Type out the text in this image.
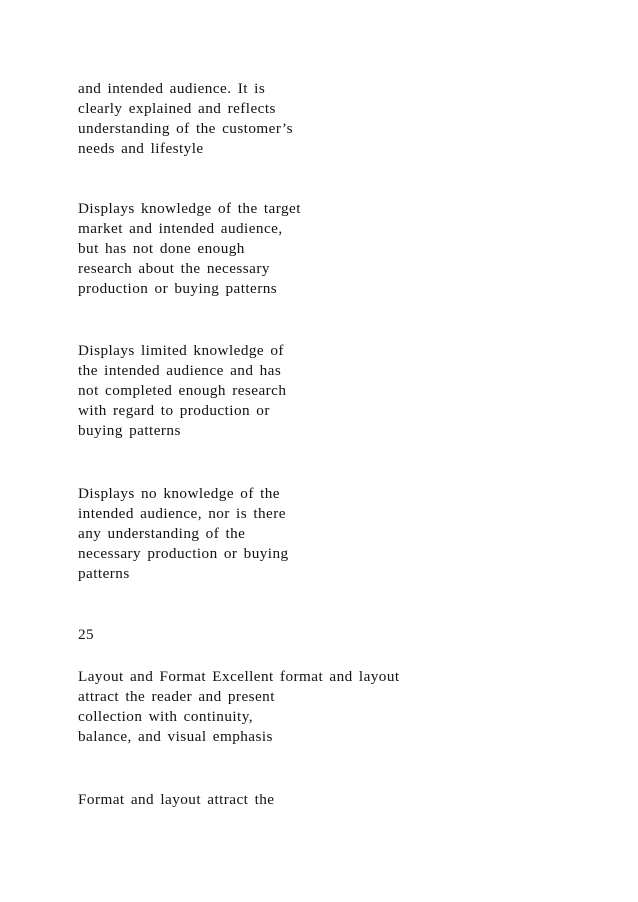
and intended audience. It is
clearly explained and reflects
understanding of the customer’s
needs and lifestyle

Displays knowledge of the target
market and intended audience,
but has not done enough
research about the necessary
production or buying patterns

Displays limited knowledge of
the intended audience and has
not completed enough research
with regard to production or
buying patterns

Displays no knowledge of the
intended audience, nor is there
any understanding of the
necessary production or buying
patterns

25

Layout and Format Excellent format and layout
attract the reader and present
collection with continuity,
balance, and visual emphasis

Format and layout attract the
